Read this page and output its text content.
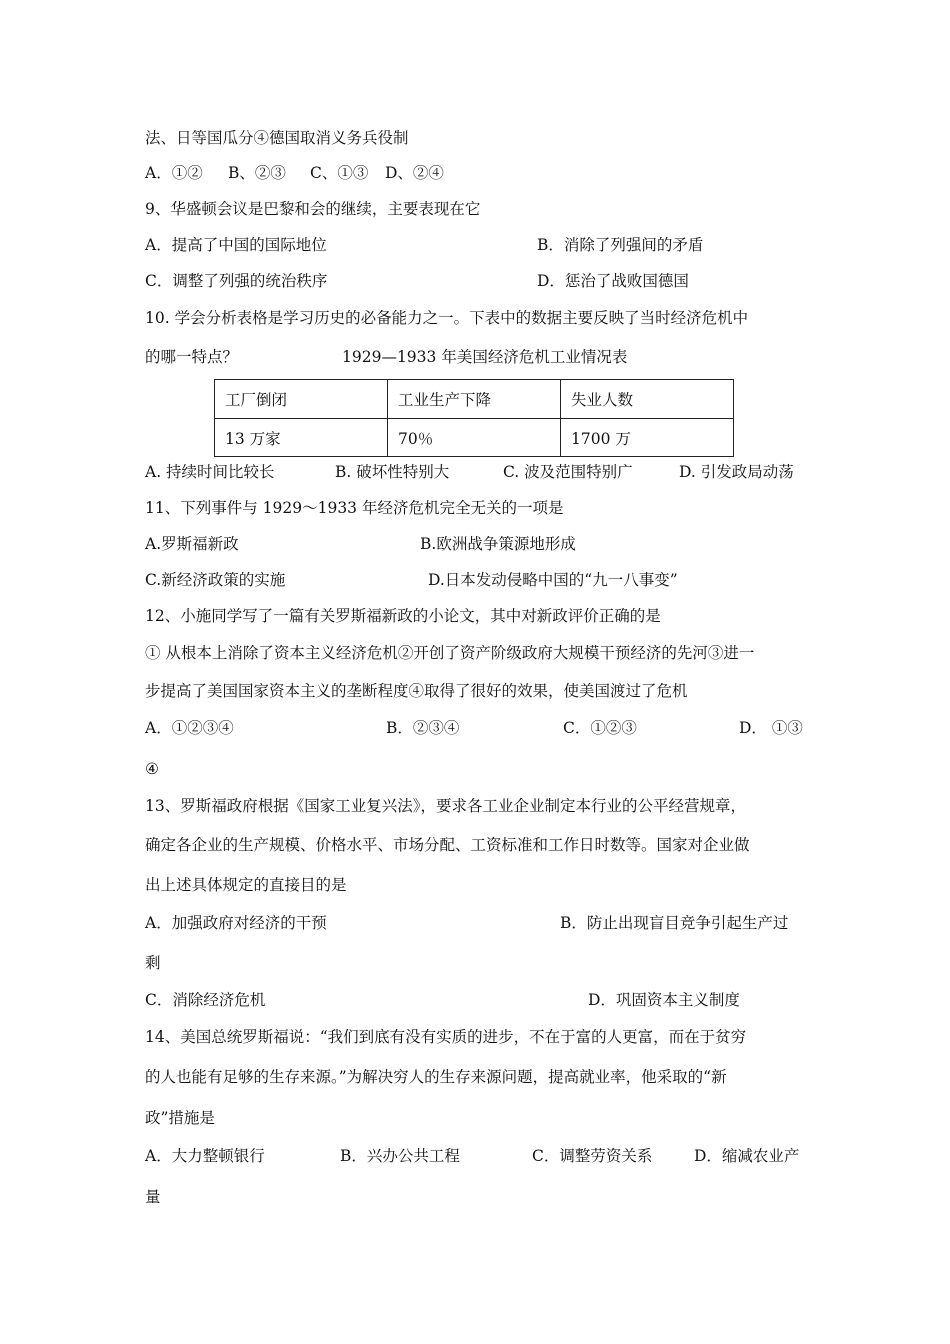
法、日等国瓜分④德国取消义务兵役制
A．①② B、②③ C、①③ D、②④
9、华盛顿会议是巴黎和会的继续，主要表现在它
A．提高了中国的国际地位	B．消除了列强间的矛盾
C．调整了列强的统治秩序	D．惩治了战败国德国
10. 学会分析表格是学习历史的必备能力之一。下表中的数据主要反映了当时经济危机中
的哪一特点？	1929—1933 年美国经济危机工业情况表
工厂倒闭	工业生产下降	失业人数
13 万家	70％	1700 万
A. 持续时间比较长	B. 破坏性特别大	C. 波及范围特别广	D. 引发政局动荡
11、下列事件与 1929～1933 年经济危机完全无关的一项是
A.罗斯福新政	B.欧洲战争策源地形成
C.新经济政策的实施	D.日本发动侵略中国的“九一八事变”
12、小施同学写了一篇有关罗斯福新政的小论文，其中对新政评价正确的是
① 从根本上消除了资本主义经济危机②开创了资产阶级政府大规模干预经济的先河③进一
步提高了美国国家资本主义的垄断程度④取得了很好的效果，使美国渡过了危机
A．①②③④	B．②③④	C．①②③	D． ①③
④
13、罗斯福政府根据《国家工业复兴法》，要求各工业企业制定本行业的公平经营规章，
确定各企业的生产规模、价格水平、市场分配、工资标准和工作日时数等。国家对企业做
出上述具体规定的直接目的是
A．加强政府对经济的干预	B．防止出现盲目竞争引起生产过
剩
C．消除经济危机	D．巩固资本主义制度
14、美国总统罗斯福说：“我们到底有没有实质的进步，不在于富的人更富，而在于贫穷
的人也能有足够的生存来源。”为解决穷人的生存来源问题，提高就业率，他采取的“新
政”措施是
A．大力整顿银行	B．兴办公共工程	C．调整劳资关系	D．缩减农业产
量
